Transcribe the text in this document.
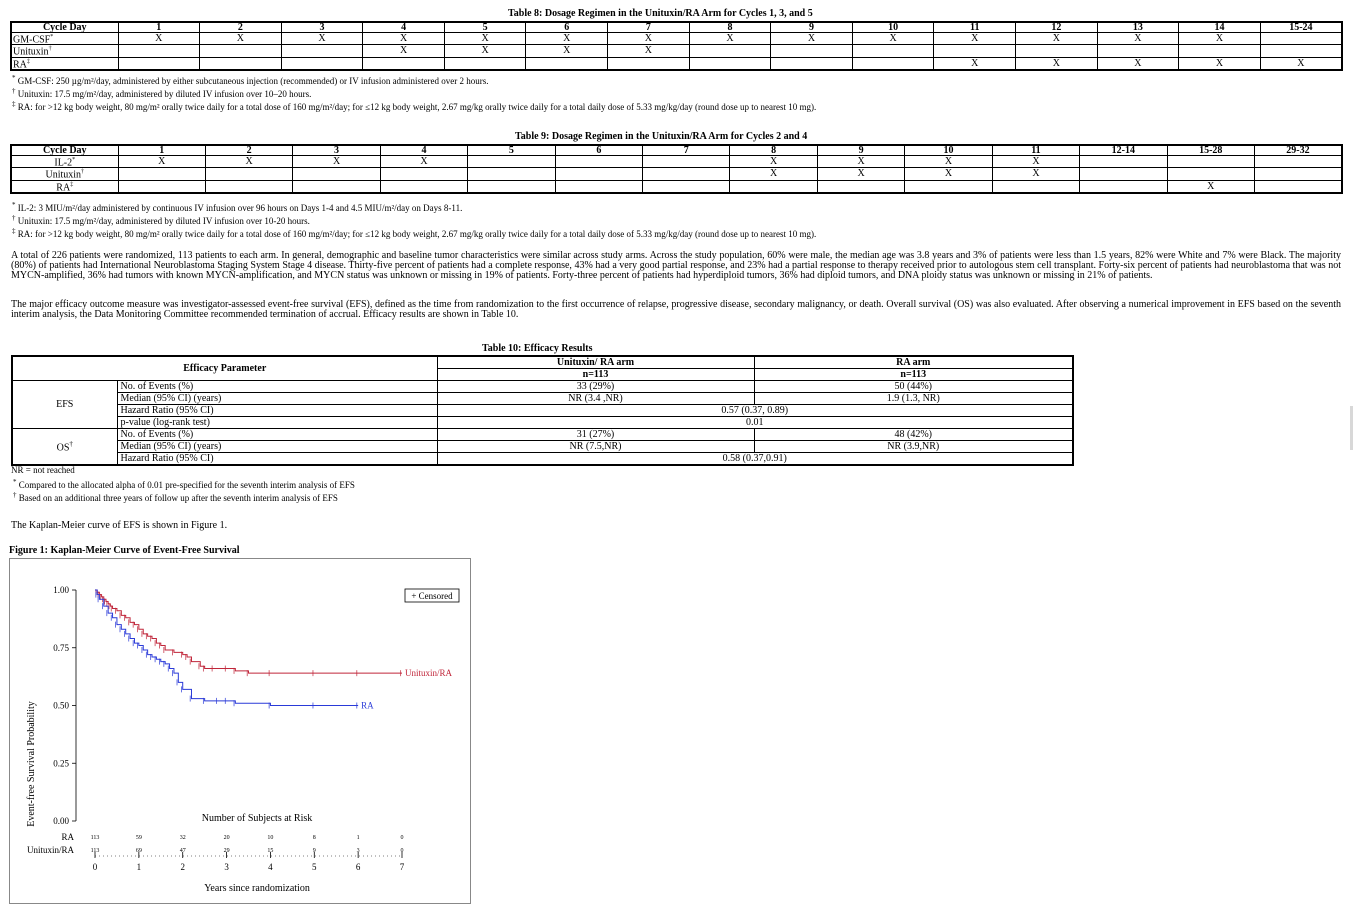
Table 8: Dosage Regimen in the Unituxin/RA Arm for Cycles 1, 3, and 5
Cycle Day	1	2	3	4	5	6	7	8	9	10	11	12	13	14	15-24
GM-CSF*	X	X	X	X	X	X	X	X	X	X	X	X	X	X	
Unituxin†				X	X	X	X								
RA‡											X	X	X	X	X
* GM-CSF: 250 µg/m²/day, administered by either subcutaneous injection (recommended) or IV infusion administered over 2 hours.
† Unituxin: 17.5 mg/m²/day, administered by diluted IV infusion over 10–20 hours.
‡ RA: for >12 kg body weight, 80 mg/m² orally twice daily for a total dose of 160 mg/m²/day; for ≤12 kg body weight, 2.67 mg/kg orally twice daily for a total daily dose of 5.33 mg/kg/day (round dose up to nearest 10 mg).
Table 9: Dosage Regimen in the Unituxin/RA Arm for Cycles 2 and 4
Cycle Day	1	2	3	4	5	6	7	8	9	10	11	12-14	15-28	29-32
IL-2*	X	X	X	X				X	X	X	X			
Unituxin†								X	X	X	X			
RA‡													X	
* IL-2: 3 MIU/m²/day administered by continuous IV infusion over 96 hours on Days 1-4 and 4.5 MIU/m²/day on Days 8-11.
† Unituxin: 17.5 mg/m²/day, administered by diluted IV infusion over 10-20 hours.
‡ RA: for >12 kg body weight, 80 mg/m² orally twice daily for a total dose of 160 mg/m²/day; for ≤12 kg body weight, 2.67 mg/kg orally twice daily for a total daily dose of 5.33 mg/kg/day (round dose up to nearest 10 mg).
A total of 226 patients were randomized, 113 patients to each arm. In general, demographic and baseline tumor characteristics were similar across study arms. Across the study population, 60% were male, the median age was 3.8 years and 3% of patients were less than 1.5 years, 82% were White and 7% were Black. The majority (80%) of patients had International Neuroblastoma Staging System Stage 4 disease. Thirty-five percent of patients had a complete response, 43% had a very good partial response, and 23% had a partial response to therapy received prior to autologous stem cell transplant. Forty-six percent of patients had neuroblastoma that was not MYCN-amplified, 36% had tumors with known MYCN-amplification, and MYCN status was unknown or missing in 19% of patients. Forty-three percent of patients had hyperdiploid tumors, 36% had diploid tumors, and DNA ploidy status was unknown or missing in 21% of patients.
The major efficacy outcome measure was investigator-assessed event-free survival (EFS), defined as the time from randomization to the first occurrence of relapse, progressive disease, secondary malignancy, or death. Overall survival (OS) was also evaluated. After observing a numerical improvement in EFS based on the seventh interim analysis, the Data Monitoring Committee recommended termination of accrual. Efficacy results are shown in Table 10.
Table 10: Efficacy Results
Efficacy Parameter		Unituxin/ RA arm	RA arm
		n=113	n=113
EFS	No. of Events (%)	33 (29%)	50 (44%)
	Median (95% CI) (years)	NR (3.4 ,NR)	1.9 (1.3, NR)
	Hazard Ratio (95% CI)	0.57 (0.37, 0.89)	
	p-value (log-rank test)	0.01	
OS†	No. of Events (%)	31 (27%)	48 (42%)
	Median (95% CI) (years)	NR (7.5,NR)	NR (3.9,NR)
	Hazard Ratio (95% CI)	0.58 (0.37,0.91)	
NR = not reached
* Compared to the allocated alpha of 0.01 pre-specified for the seventh interim analysis of EFS
† Based on an additional three years of follow up after the seventh interim analysis of EFS
The Kaplan-Meier curve of EFS is shown in Figure 1.
Figure 1: Kaplan-Meier Curve of Event-Free Survival
Event-free Survival Probability
Years since randomization
Number of Subjects at Risk
+ Censored
0.00
0.25
0.50
0.75
1.00
0	1	2	3	4	5	6	7
RA	113	59	32	20	10	8	1	0
Unituxin/RA	113	69	47	29	15	9	3	0
Unituxin/RA
RA
